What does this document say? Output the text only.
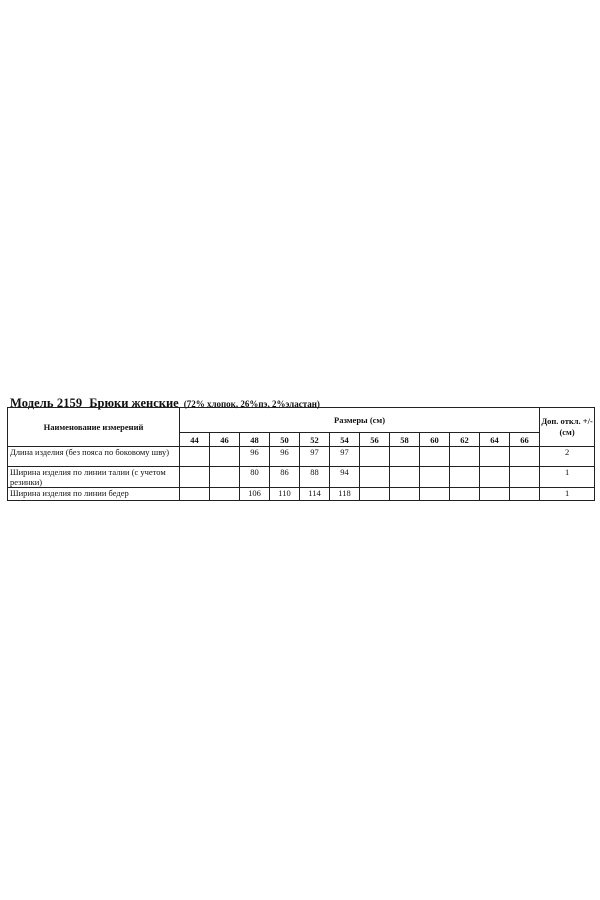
Модель 2159 Брюки женские (72% хлопок, 26%пэ, 2%эластан)
Наименование измерений	Размеры (см)												Доп. откл. +/- (см)
	44	46	48	50	52	54	56	58	60	62	64	66	
Длина изделия (без пояса по боковому шву)			96	96	97	97							2
Ширина изделия по линии талии (с учетом резинки)			80	86	88	94							1
Ширина изделия по линии бедер			106	110	114	118							1
